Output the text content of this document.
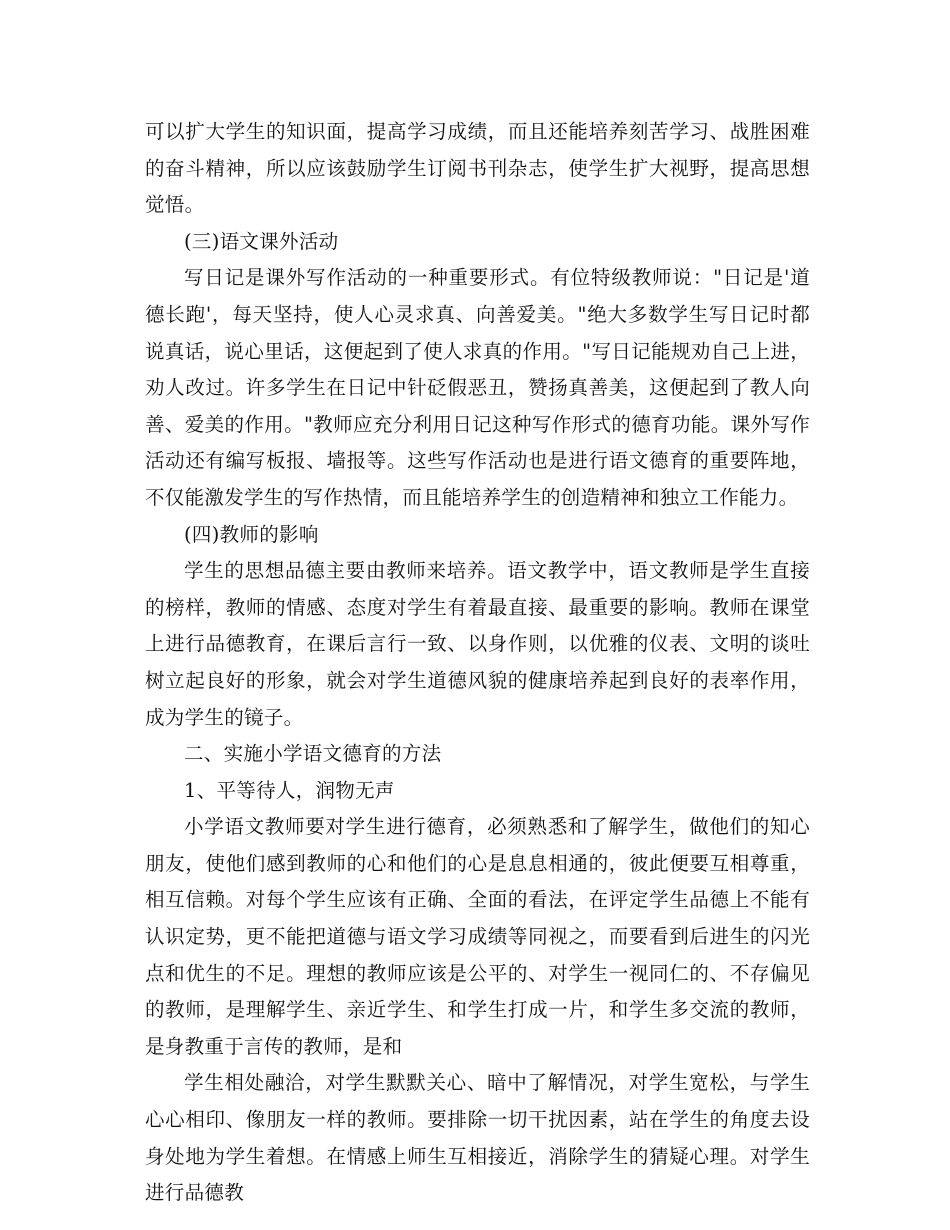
可以扩大学生的知识面，提高学习成绩，而且还能培养刻苦学习、战胜困难的奋斗精神，所以应该鼓励学生订阅书刊杂志，使学生扩大视野，提高思想觉悟。

(三)语文课外活动

写日记是课外写作活动的一种重要形式。有位特级教师说："日记是'道德长跑'，每天坚持，使人心灵求真、向善爱美。"绝大多数学生写日记时都说真话，说心里话，这便起到了使人求真的作用。"写日记能规劝自己上进，劝人改过。许多学生在日记中针砭假恶丑，赞扬真善美，这便起到了教人向善、爱美的作用。"教师应充分利用日记这种写作形式的德育功能。课外写作活动还有编写板报、墙报等。这些写作活动也是进行语文德育的重要阵地，不仅能激发学生的写作热情，而且能培养学生的创造精神和独立工作能力。

(四)教师的影响

学生的思想品德主要由教师来培养。语文教学中，语文教师是学生直接的榜样，教师的情感、态度对学生有着最直接、最重要的影响。教师在课堂上进行品德教育，在课后言行一致、以身作则，以优雅的仪表、文明的谈吐树立起良好的形象，就会对学生道德风貌的健康培养起到良好的表率作用，成为学生的镜子。

二、实施小学语文德育的方法

1、平等待人，润物无声

小学语文教师要对学生进行德育，必须熟悉和了解学生，做他们的知心朋友，使他们感到教师的心和他们的心是息息相通的，彼此便要互相尊重，相互信赖。对每个学生应该有正确、全面的看法，在评定学生品德上不能有认识定势，更不能把道德与语文学习成绩等同视之，而要看到后进生的闪光点和优生的不足。理想的教师应该是公平的、对学生一视同仁的、不存偏见的教师，是理解学生、亲近学生、和学生打成一片，和学生多交流的教师，是身教重于言传的教师，是和

学生相处融洽，对学生默默关心、暗中了解情况，对学生宽松，与学生心心相印、像朋友一样的教师。要排除一切干扰因素，站在学生的角度去设身处地为学生着想。在情感上师生互相接近，消除学生的猜疑心理。对学生进行品德教
